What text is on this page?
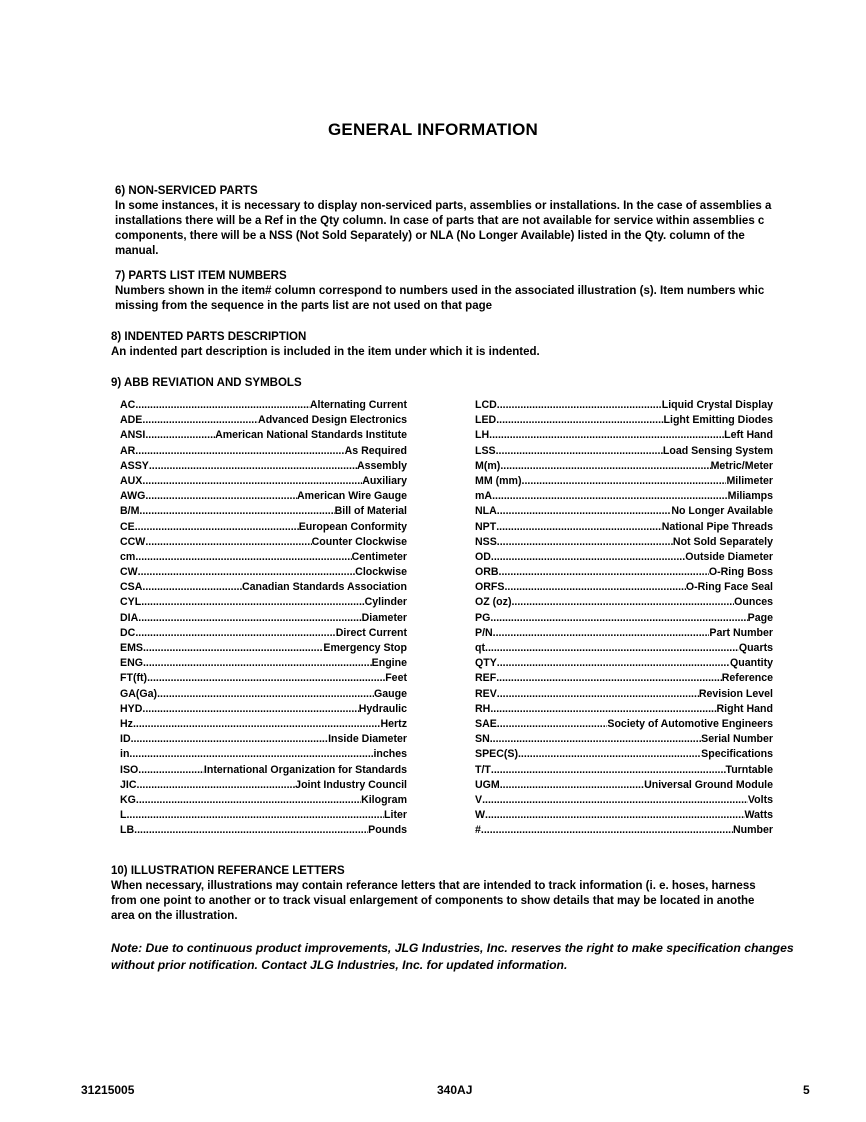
GENERAL INFORMATION
6) NON-SERVICED PARTS
In some instances, it is necessary to display non-serviced parts, assemblies or installations. In the case of assemblies a
installations there will be a Ref in the Qty column. In case of parts that are not available for service within assemblies c
components, there will be a NSS (Not Sold Separately) or NLA (No Longer Available) listed in the Qty. column of the
manual.
7) PARTS LIST ITEM NUMBERS
Numbers shown in the item# column correspond to numbers used in the associated illustration (s). Item numbers whic
missing from the sequence in the parts list are not used on that page
8) INDENTED PARTS DESCRIPTION
An indented part description is included in the item under which it is indented.
9) ABB REVIATION AND SYMBOLS
AC .....	Alternating Current
ADE. .....	Advanced Design Electronics
ANSI .....	American National Standards Institute
AR.. .....	As Required
ASSY .....	Assembly
AUX .....	Auxiliary
AWG .....	American Wire Gauge
B/M .....	Bill of Material
CE.. .....	European Conformity
CCW .....	Counter Clockwise
cm .....	Centimeter
CW .....	Clockwise
CSA. .....	Canadian Standards Association
CYL .....	Cylinder
DIA .....	Diameter
DC .....	Direct Current
EMS .....	Emergency Stop
ENG .....	Engine
FT(ft) .....	Feet
GA(Ga).. .....	Gauge
HYD .....	Hydraulic
Hz.. .....	Hertz
ID .....	Inside Diameter
in .....	inches
ISO .....	International Organization for Standards
JIC .....	Joint Industry Council
KG .....	Kilogram
L .....	Liter
LB .....	Pounds
LCD .....	Liquid Crystal Display
LED .....	Light Emitting Diodes
LH .....	Left Hand
LSS .....	Load Sensing System
M(m) .....	Metric/Meter
MM (mm) .....	Milimeter
mA .....	Miliamps
NLA .....	No Longer Available
NPT .....	National Pipe Threads
NSS .....	Not Sold Separately
OD .....	Outside Diameter
ORB .....	O-Ring Boss
ORFS .....	O-Ring Face Seal
OZ (oz). .....	Ounces
PG .....	Page
P/N .....	Part Number
qt .....	Quarts
QTY .....	Quantity
REF .....	Reference
REV .....	Revision Level
RH .....	Right Hand
SAE .....	Society of Automotive Engineers
SN.. .....	Serial Number
SPEC(S) .....	Specifications
T/T .....	Turntable
UGM .....	Universal Ground Module
V .....	Volts
W .....	Watts
# .....	Number
10) ILLUSTRATION REFERANCE LETTERS
When necessary, illustrations may contain referance letters that are intended to track information (i. e. hoses, harness
from one point to another or to track visual enlargement of components to show details that may be located in anothe
area on the illustration.
Note: Due to continuous product improvements, JLG Industries, Inc. reserves the right to make specification changes
without prior notification. Contact JLG Industries, Inc. for updated information.
31215005	340AJ	5
